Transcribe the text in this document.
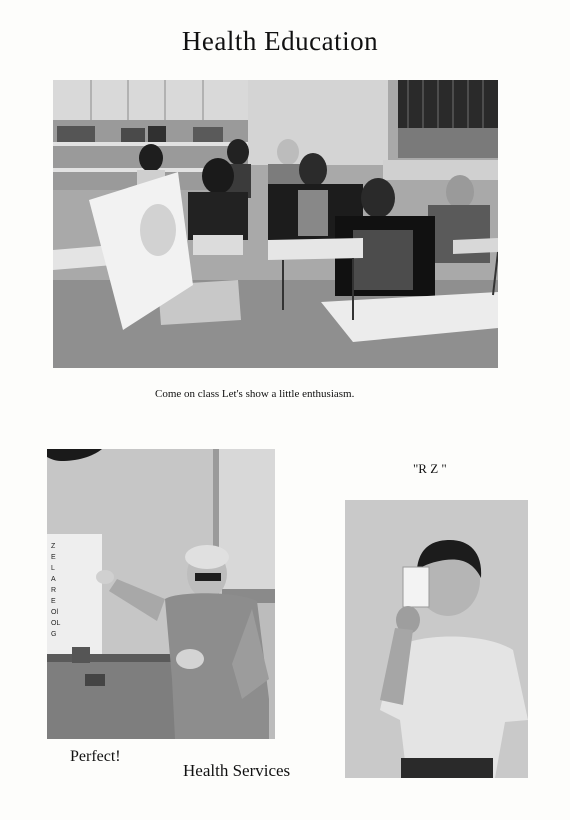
Health Education
Come on class Let's show a little enthusiasm.
Z
E
L
A
R
E
Ol
OL
G
Perfect!
Health Services
"R Z "
